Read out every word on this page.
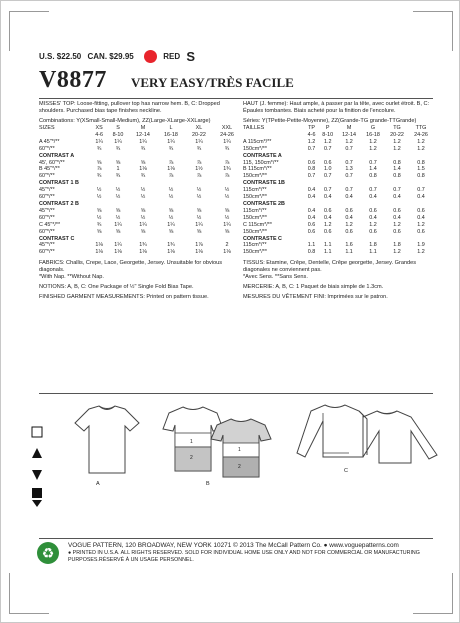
U.S. $22.50 CAN. $29.95	RED S
V8877 VERY EASY/TRÈS FACILE
MISSES' TOP: Loose-fitting, pullover top has narrow hem. B, C: Dropped shoulders. Purchased bias tape finishes neckline.
Combinations: Y(XSmall-Small-Medium), ZZ(Large-XLarge-XXLarge)
SIZES	XS	S	M	L	XL	XXL
	4-6	8-10	12-14	16-18	20-22	24-26
A 45"*/**	1¼	1¼	1¼	1¼	1¼	1¼
60"*/**	¾	¾	¾	¾	¾	¾
CONTRAST A						
45', 60"*/**	⅝	⅝	⅝	⅞	⅞	⅞
B 45"*/**	⅞	1	1⅛	1⅛	1½	1¾
60"*/**	¾	¾	¾	⅞	⅞	⅞
CONTRAST 1 B						
45"*/**	½	½	½	½	½	½
60"*/**	½	½	½	½	½	½
CONTRAST 2 B						
45"*/**	⅝	⅝	⅝	⅝	⅝	⅝
60"*/**	½	½	½	½	½	½
C 45"*/**	¾	1¼	1¼	1¼	1¼	1¼
60"*/**	⅝	⅝	⅝	⅝	⅝	⅝
CONTRAST C						
45"*/**	1⅛	1¼	1¾	1¾	1⅞	2
60"*/**	1⅛	1⅛	1⅛	1⅛	1⅛	1⅛
FABRICS: Challis, Crepe, Lace, Georgette, Jersey. Unsuitable for obvious diagonals.
*With Nap. **Without Nap.
NOTIONS: A, B, C: One Package of ½" Single Fold Bias Tape.
FINISHED GARMENT MEASUREMENTS: Printed on pattern tissue.
HAUT (J. femme): Haut ample, à passer par la tête, avec ourlet étroit. B, C: Épaules tombantes. Biais acheté pour la finition de l'encolure.
Séries: Y(TPetite-Petite-Moyenne), ZZ(Grande-TG grande-TTGrande)
TAILLES	TP	P	M	G	TG	TTG
	4-6	8-10	12-14	16-18	20-22	24-26
A 115cm*/**	1.2	1.2	1.2	1.2	1.2	1.2
150cm*/**	0.7	0.7	0.7	1.2	1.2	1.2
CONTRASTE A						
115, 150cm*/**	0.6	0.6	0.7	0.7	0.8	0.8
B 115cm*/**	0.8	1.0	1.3	1.4	1.4	1.5
150cm*/**	0.7	0.7	0.7	0.8	0.8	0.8
CONTRASTE 1B						
115cm*/**	0.4	0.7	0.7	0.7	0.7	0.7
150cm*/**	0.4	0.4	0.4	0.4	0.4	0.4
CONTRASTE 2B						
115cm*/**	0.4	0.6	0.6	0.6	0.6	0.6
150cm*/**	0.4	0.4	0.4	0.4	0.4	0.4
C 115cm*/**	0.6	1.2	1.2	1.2	1.2	1.2
150cm*/**	0.6	0.6	0.6	0.6	0.6	0.6
CONTRASTE C						
115cm*/**	1.1	1.1	1.6	1.8	1.8	1.9
150cm*/**	0.8	1.1	1.1	1.1	1.2	1.2
TISSUS: Etamine, Crêpe, Dentelle, Crêpe georgette, Jersey. Grandes diagonales ne conviennent pas.
*Avec Sens. **Sans Sens.
MERCERIE: A, B, C: 1 Paquet de biais simple de 1.3cm.
MESURES DU VÊTEMENT FINI: Imprimées sur le patron.
A
1
2
1
2
B
C
♻	VOGUE PATTERN, 120 BROADWAY, NEW YORK 10271 © 2013 The McCall Pattern Co. ● www.voguepatterns.com
● PRINTED IN U.S.A. ALL RIGHTS RESERVED. SOLD FOR INDIVIDUAL HOME USE ONLY AND NOT FOR COMMERCIAL OR MANUFACTURING
PURPOSES.RÉSERVÉ À UN USAGE PERSONNEL.
